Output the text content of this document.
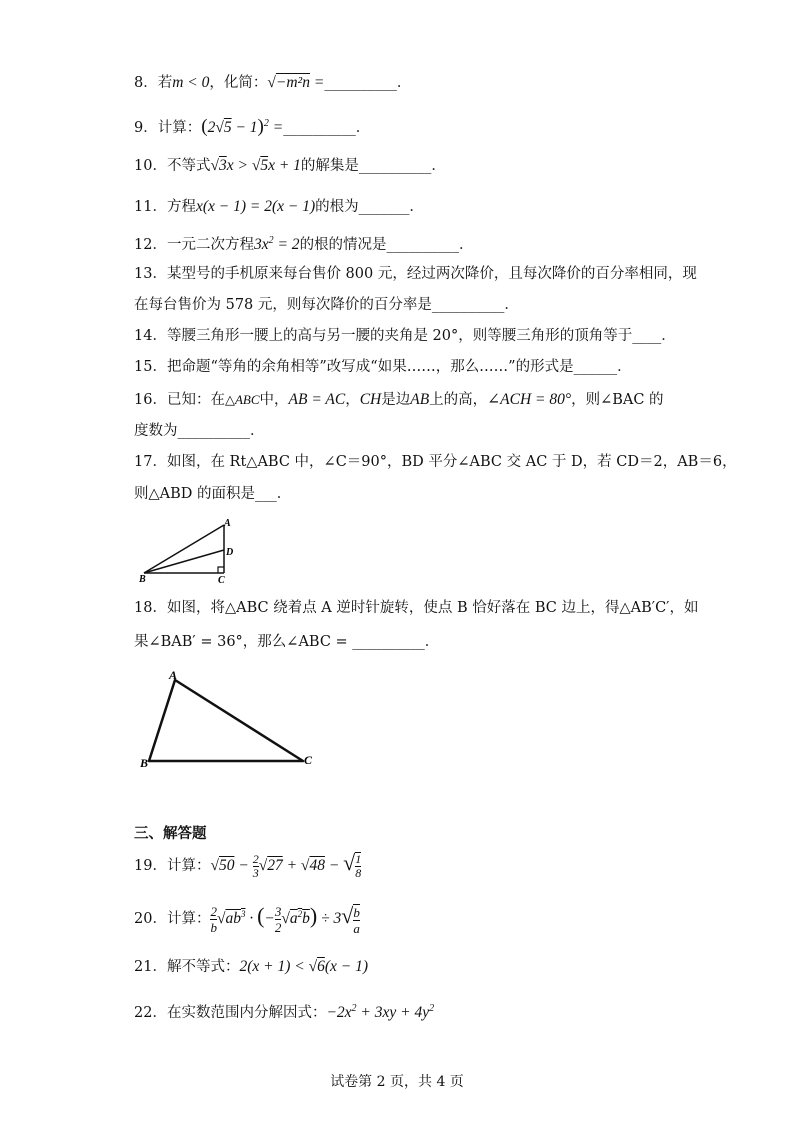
8．若m < 0，化简：√−m²n =__________．
9．计算：$(2√5 - 1)^2$ =__________．
10．不等式√3x > √5x + 1的解集是__________．
11．方程x(x − 1) = 2(x − 1)的根为_______．
12．一元二次方程$3x^2 = 2$的根的情况是__________．
13．某型号的手机原来每台售价 800 元，经过两次降价，且每次降价的百分率相同，现
在每台售价为 578 元，则每次降价的百分率是__________．
14．等腰三角形一腰上的高与另一腰的夹角是 20°，则等腰三角形的顶角等于____．
15．把命题“等角的余角相等”改写成“如果……，那么……”的形式是______．
16．已知：在△ABC中，AB = AC，CH是边AB上的高，∠ACH = 80°，则∠BAC 的
度数为__________．
17．如图，在 Rt△ABC 中，∠C＝90°，BD 平分∠ABC 交 AC 于 D，若 CD＝2，AB＝6，
则△ABD 的面积是___．
A
D
B	C
18．如图，将△ABC 绕着点 A 逆时针旋转，使点 B 恰好落在 BC 边上，得△AB′C′，如
果∠BAB′ = 36°，那么∠ABC = __________．
A
B	C
三、解答题
19．计算：$√50 - \frac{2}{3} √27 + √48$ − √ $\frac{1}{8}$
20．计算： $\frac{2}{b} √ab^3$ · (− $\frac{3}{2} √a^2b) \div 3√ \frac{b}{a}$
21．解不等式：2(x + 1) < √6(x − 1)
22．在实数范围内分解因式：$-2x^2 + 3xy + 4y^2$
试卷第 2 页，共 4 页
